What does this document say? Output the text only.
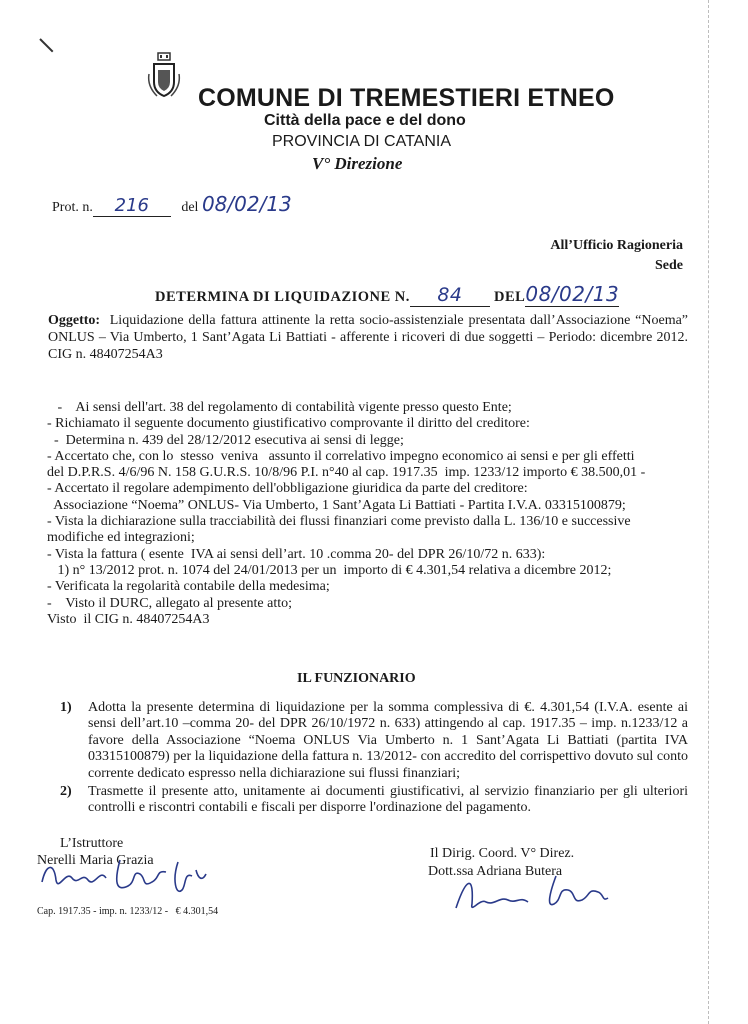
COMUNE DI TREMESTIERI ETNEO
Città della pace e del dono
PROVINCIA DI CATANIA
V° Direzione
Prot. n. 216 del 08/02/13
All’Ufficio Ragioneria
Sede
DETERMINA DI LIQUIDAZIONE N. 84 DEL08/02/13

Oggetto: Liquidazione della fattura attinente la retta socio-assistenziale presentata dall’Associazione “Noema” ONLUS – Via Umberto, 1 Sant’Agata Li Battiati - afferente i ricoveri di due soggetti – Periodo: dicembre 2012. CIG n. 48407254A3

-    Ai sensi dell'art. 38 del regolamento di contabilità vigente presso questo Ente;
- Richiamato il seguente documento giustificativo comprovante il diritto del creditore:
-  Determina n. 439 del 28/12/2012 esecutiva ai sensi di legge;
- Accertato che, con lo  stesso  veniva   assunto il correlativo impegno economico ai sensi e per gli effetti
del D.P.R.S. 4/6/96 N. 158 G.U.R.S. 10/8/96 P.I. n°40 al cap. 1917.35  imp. 1233/12 importo € 38.500,01 -
- Accertato il regolare adempimento dell'obbligazione giuridica da parte del creditore:
Associazione “Noema” ONLUS- Via Umberto, 1 Sant’Agata Li Battiati - Partita I.V.A. 03315100879;
- Vista la dichiarazione sulla tracciabilità dei flussi finanziari come previsto dalla L. 136/10 e successive
modifiche ed integrazioni;
- Vista la fattura ( esente  IVA ai sensi dell’art. 10 .comma 20- del DPR 26/10/72 n. 633):
1) n° 13/2012 prot. n. 1074 del 24/01/2013 per un  importo di € 4.301,54 relativa a dicembre 2012;
- Verificata la regolarità contabile della medesima;
-    Visto il DURC, allegato al presente atto;
Visto  il CIG n. 48407254A3
IL FUNZIONARIO
1)	Adotta la presente determina di liquidazione per la somma complessiva di €. 4.301,54 (I.V.A. esente ai sensi dell’art.10 –comma 20- del DPR 26/10/1972 n. 633) attingendo al cap. 1917.35 – imp. n.1233/12 a favore della Associazione “Noema ONLUS Via Umberto n. 1 Sant’Agata Li Battiati (partita IVA 03315100879) per la liquidazione della fattura n. 13/2012- con accredito del corrispettivo dovuto sul conto corrente dedicato espresso nella dichiarazione sui flussi finanziari;
2)	Trasmette il presente atto, unitamente ai documenti giustificativi, al servizio finanziario per gli ulteriori controlli e riscontri contabili e fiscali per disporre l'ordinazione del pagamento.
L’Istruttore
Nerelli Maria Grazia	Il Dirig. Coord. V° Direz.
Dott.ssa Adriana Butera
Cap. 1917.35 - imp. n. 1233/12 -   € 4.301,54
